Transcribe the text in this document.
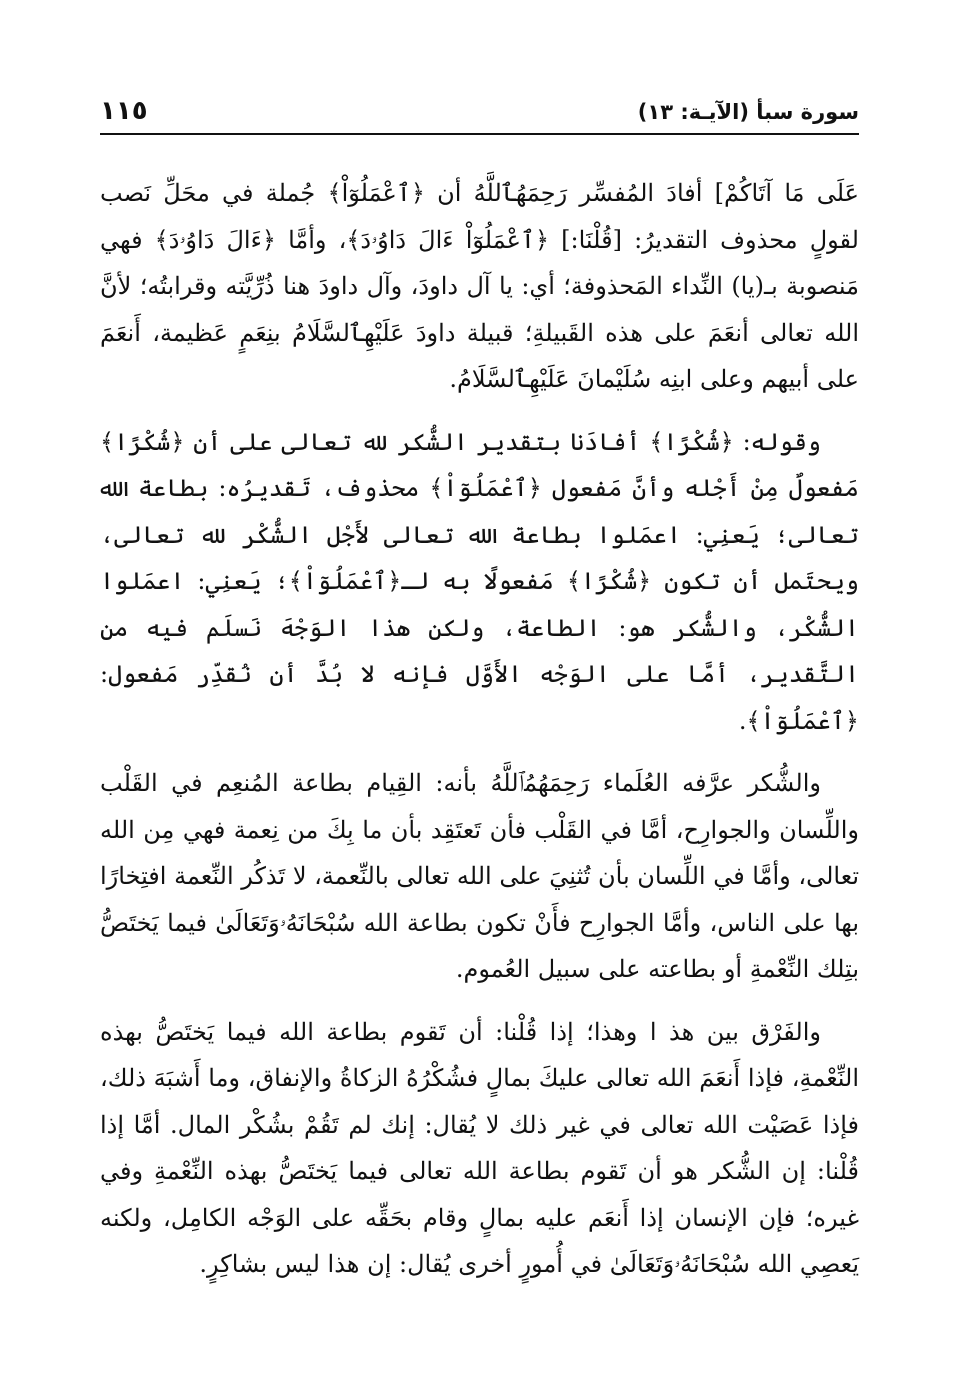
سورة سبأ (الآيـة: ١٣)
١١٥

عَلَى مَا آتَاكُمْ] أفادَ المُفسِّر رَحِمَهُٱللَّهُ أن ﴿ٱعْمَلُوٓاْ﴾ جُملة في محَلِّ نَصب لقولٍ محذوف التقديرُ: [قُلْنَا:] ﴿ٱعْمَلُوٓاْ ءَالَ دَاوُۥدَ﴾، وأمَّا ﴿ءَالَ دَاوُۥدَ﴾ فهي مَنصوبة بـ(يا) النِّداء المَحذوفة؛ أي: يا آل داودَ، وآل داودَ هنا ذُرِّيَّته وقرابتُه؛ لأنَّ الله تعالى أنعَمَ على هذه القَبيلةِ؛ قبيلة داودَ عَلَيْهِٱلسَّلَامُ بنِعَمٍ عَظيمة، أَنعَمَ على أبيهم وعلى ابنِه سُلَيْمانَ عَلَيْهِٱلسَّلَامُ.

وقوله: ﴿شُكْرًا﴾ أفادَنا بتقدير الشُّكر لله تعالى على أن ﴿شُكْرًا﴾ مَفعولٌ مِنْ أَجْله وأنَّ مَفعول ﴿ٱعْمَلُوٓاْ﴾ محذوف، تَقديرُه: بطاعة الله تعالى؛ يَعنِي: اعمَلوا بطاعة الله تعالى لأَجْل الشُّكْر لله تعالى، ويحتَمل أن تكون ﴿شُكْرًا﴾ مَفعولًا به لـ﴿ٱعْمَلُوٓاْ﴾؛ يَعنِي: اعمَلوا الشُّكْر، والشُّكر هو: الطاعة، ولكن هذا الوَجْهَ نَسلَم فيه من التَّقدير، أمَّا على الوَجْه الأَوَّل فإنه لا بُدَّ أن نُقدِّر مَفعول: ﴿ٱعْمَلُوٓاْ﴾.

والشُّكر عرَّفه العُلَماء رَحِمَهُمُٱللَّهُ بأنه: القِيام بطاعة المُنعِم في القَلْب واللِّسان والجوارِح، أمَّا في القَلْب فأن تَعتَقِد بأن ما بِكَ من نِعمة فهي مِن الله تعالى، وأمَّا في اللِّسان بأن تُثنِيَ على الله تعالى بالنِّعمة، لا تَذكُر النِّعمة افتِخارًا بها على الناس، وأمَّا الجوارِح فأَنْ تكون بطاعة الله سُبْحَانَهُۥوَتَعَالَىٰ فيما يَختَصُّ بتِلك النِّعْمةِ أو بطاعته على سبيل العُموم.

والفَرْق بين هذ ا وهذا؛ إذا قُلْنا: أن تَقوم بطاعة الله فيما يَختَصُّ بهذه النِّعْمةِ، فإذا أَنعَمَ الله تعالى عليكَ بمالٍ فشُكْرُهُ الزكاةُ والإنفاق، وما أَشبَهَ ذلك، فإذا عَصَيْت الله تعالى في غير ذلك لا يُقال: إنك لم تَقُمْ بشُكْر المال. أمَّا إذا قُلْنا: إن الشُّكر هو أن تَقوم بطاعة الله تعالى فيما يَختَصُّ بهذه النِّعْمةِ وفي غيره؛ فإن الإنسان إذا أَنعَم عليه بمالٍ وقام بحَقِّه على الوَجْه الكامِل، ولكنه يَعصِي الله سُبْحَانَهُۥوَتَعَالَىٰ في أُمورٍ أخرى يُقال: إن هذا ليس بشاكِرٍ.
